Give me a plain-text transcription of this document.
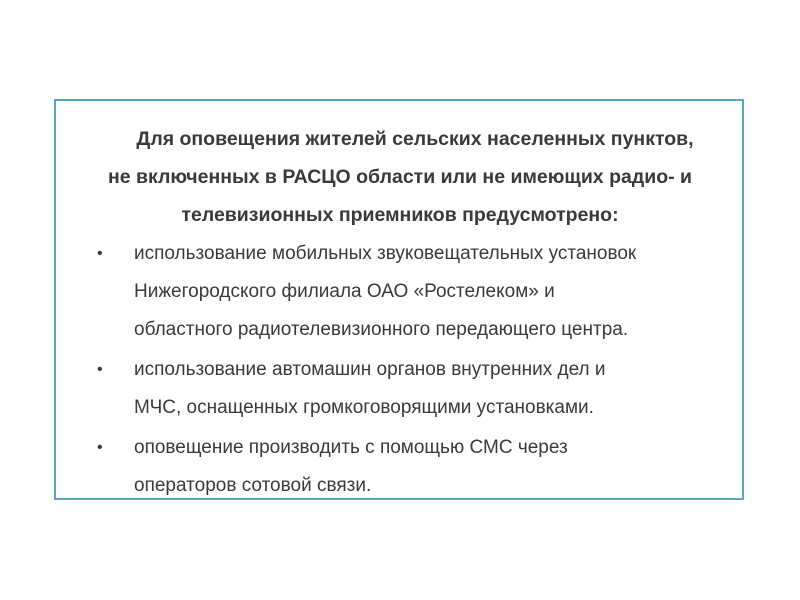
Для оповещения жителей сельских населенных пунктов,
не включенных в РАСЦО области или не имеющих радио- и
телевизионных приемников предусмотрено:

• использование мобильных звуковещательных установок
Нижегородского филиала ОАО «Ростелеком» и
областного радиотелевизионного передающего центра.
• использование автомашин органов внутренних дел и
МЧС, оснащенных громкоговорящими установками.
• оповещение производить с помощью СМС через
операторов сотовой связи.
